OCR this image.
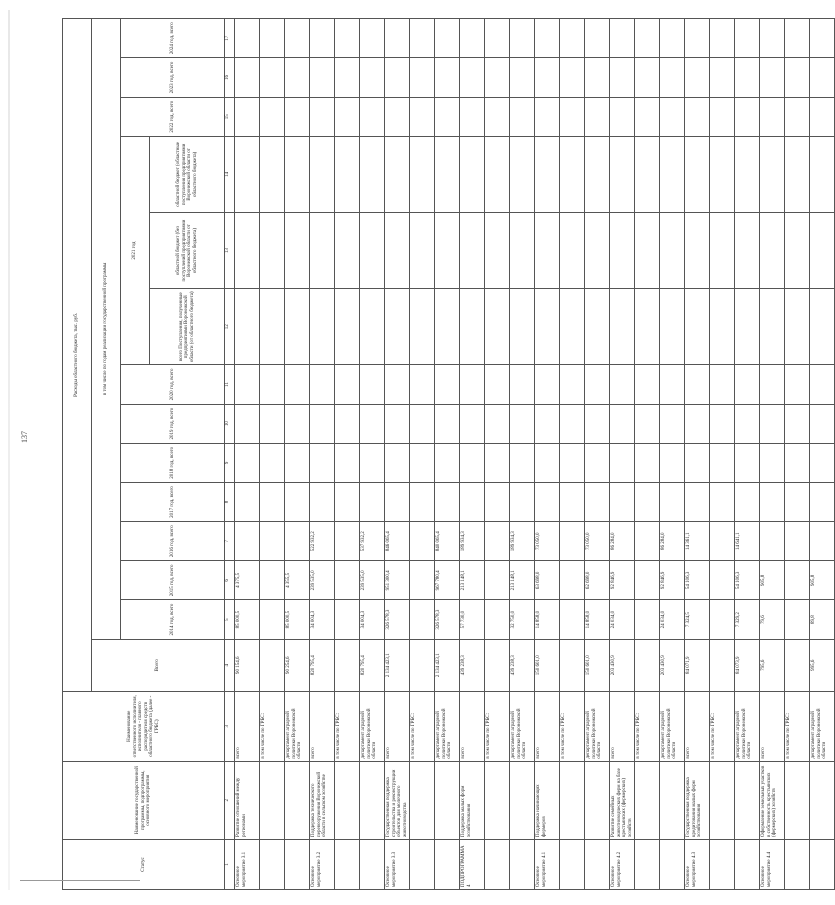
137
Статус	Наименование государственной программы, подпрограммы, основного мероприятия	Наименование ответственного исполнителя, исполнителя - главного распорядителя средств областного бюджета (далее - ГРБС)	Расходы областного бюджета, тыс. руб.													
			Всего	в том числе по годам реализации государственной программы												
				2014 год, всего	2015 год, всего	2016 год, всего	2017 год, всего	2018 год, всего	2019 год, всего	2020 год, всего	2021 год			2022 год, всего	2023 год, всего	2024 год, всего
											всего Поступления, полученные предприятиями Воронежской области (от областного бюджета)	областной бюджет (без поступлений предприятиями Воронежской области от областного бюджета)	областной бюджет (областные поступления предприятиями Воронежской области от областного бюджета)			
1	2	3	4	5	6	7	8	9	10	11	12	13	14	15	16	17
Основное мероприятие 3.1	Развитие отношений между регионами	всего	90 154,6	85 000,5	4 375,5											
		в том числе по ГРБС:														
		департамент аграрной политики Воронежской области	90 254,6	85 000,5	4 355,5											
Основное мероприятие 3.2	Поддержка технического перевооружения Воронежской области в сельском хозяйстве	всего	820 795,4	34 004,3	239 535,0	522 932,2										
		в том числе по ГРБС:														
		департамент аграрной политики Воронежской области	820 795,4	34 004,3	239 535,0	537 932,2										
Основное мероприятие 3.3	Государственная поддержка строительства и реконструкции объектов для молочного животноводства	всего	2 134 423,1	326 578,3	951 300,4	846 065,4										
		в том числе по ГРБС:														
		департамент аграрной политики Воронежской области	2 134 423,1	326 578,3	967 780,4	840 065,4										
ПОДПРОГРАММА 4	Поддержка малых форм хозяйствования	всего	439 238,3	57 730,0	213 148,1	189 934,3										
		в том числе по ГРБС:														
		департамент аграрной политики Воронежской области	439 238,3	32 750,0	213 148,1	189 934,3										
Основное мероприятие 4.1	Поддержка начинающих фермеров	всего	150 601,0	14 858,0	63 698,0	73 050,0										
		в том числе по ГРБС:														
		департамент аграрной политики Воронежской области	150 601,0	14 858,0	62 698,0	73 050,0										
Основное мероприятие 4.2	Развитие семейных животноводческих ферм на базе крестьянских (фермерских) хозяйств	всего	203 430,9	24 034,0	92 846,9	86 284,0										
		в том числе по ГРБС:														
		департамент аграрной политики Воронежской области	203 430,9	24 034,0	92 846,9	86 284,0										
Основное мероприятие 4.3	Государственная поддержка кредитования малых форм хозяйствования	всего	84 071,9	7 324,5	54 106,3	14 361,1										
		в том числе по ГРБС:														
		департамент аграрной политики Воронежской области	84 073,9	7 329,2	54 106,3	14 641,1										
Основное мероприятие 4.4	Оформление земельных участков в собственность крестьянских (фермерских) хозяйств	всего	795,6	79,6	905,8											
		в том числе по ГРБС:														
		департамент аграрной политики Воронежской области	995,6	89,8	905,8											
